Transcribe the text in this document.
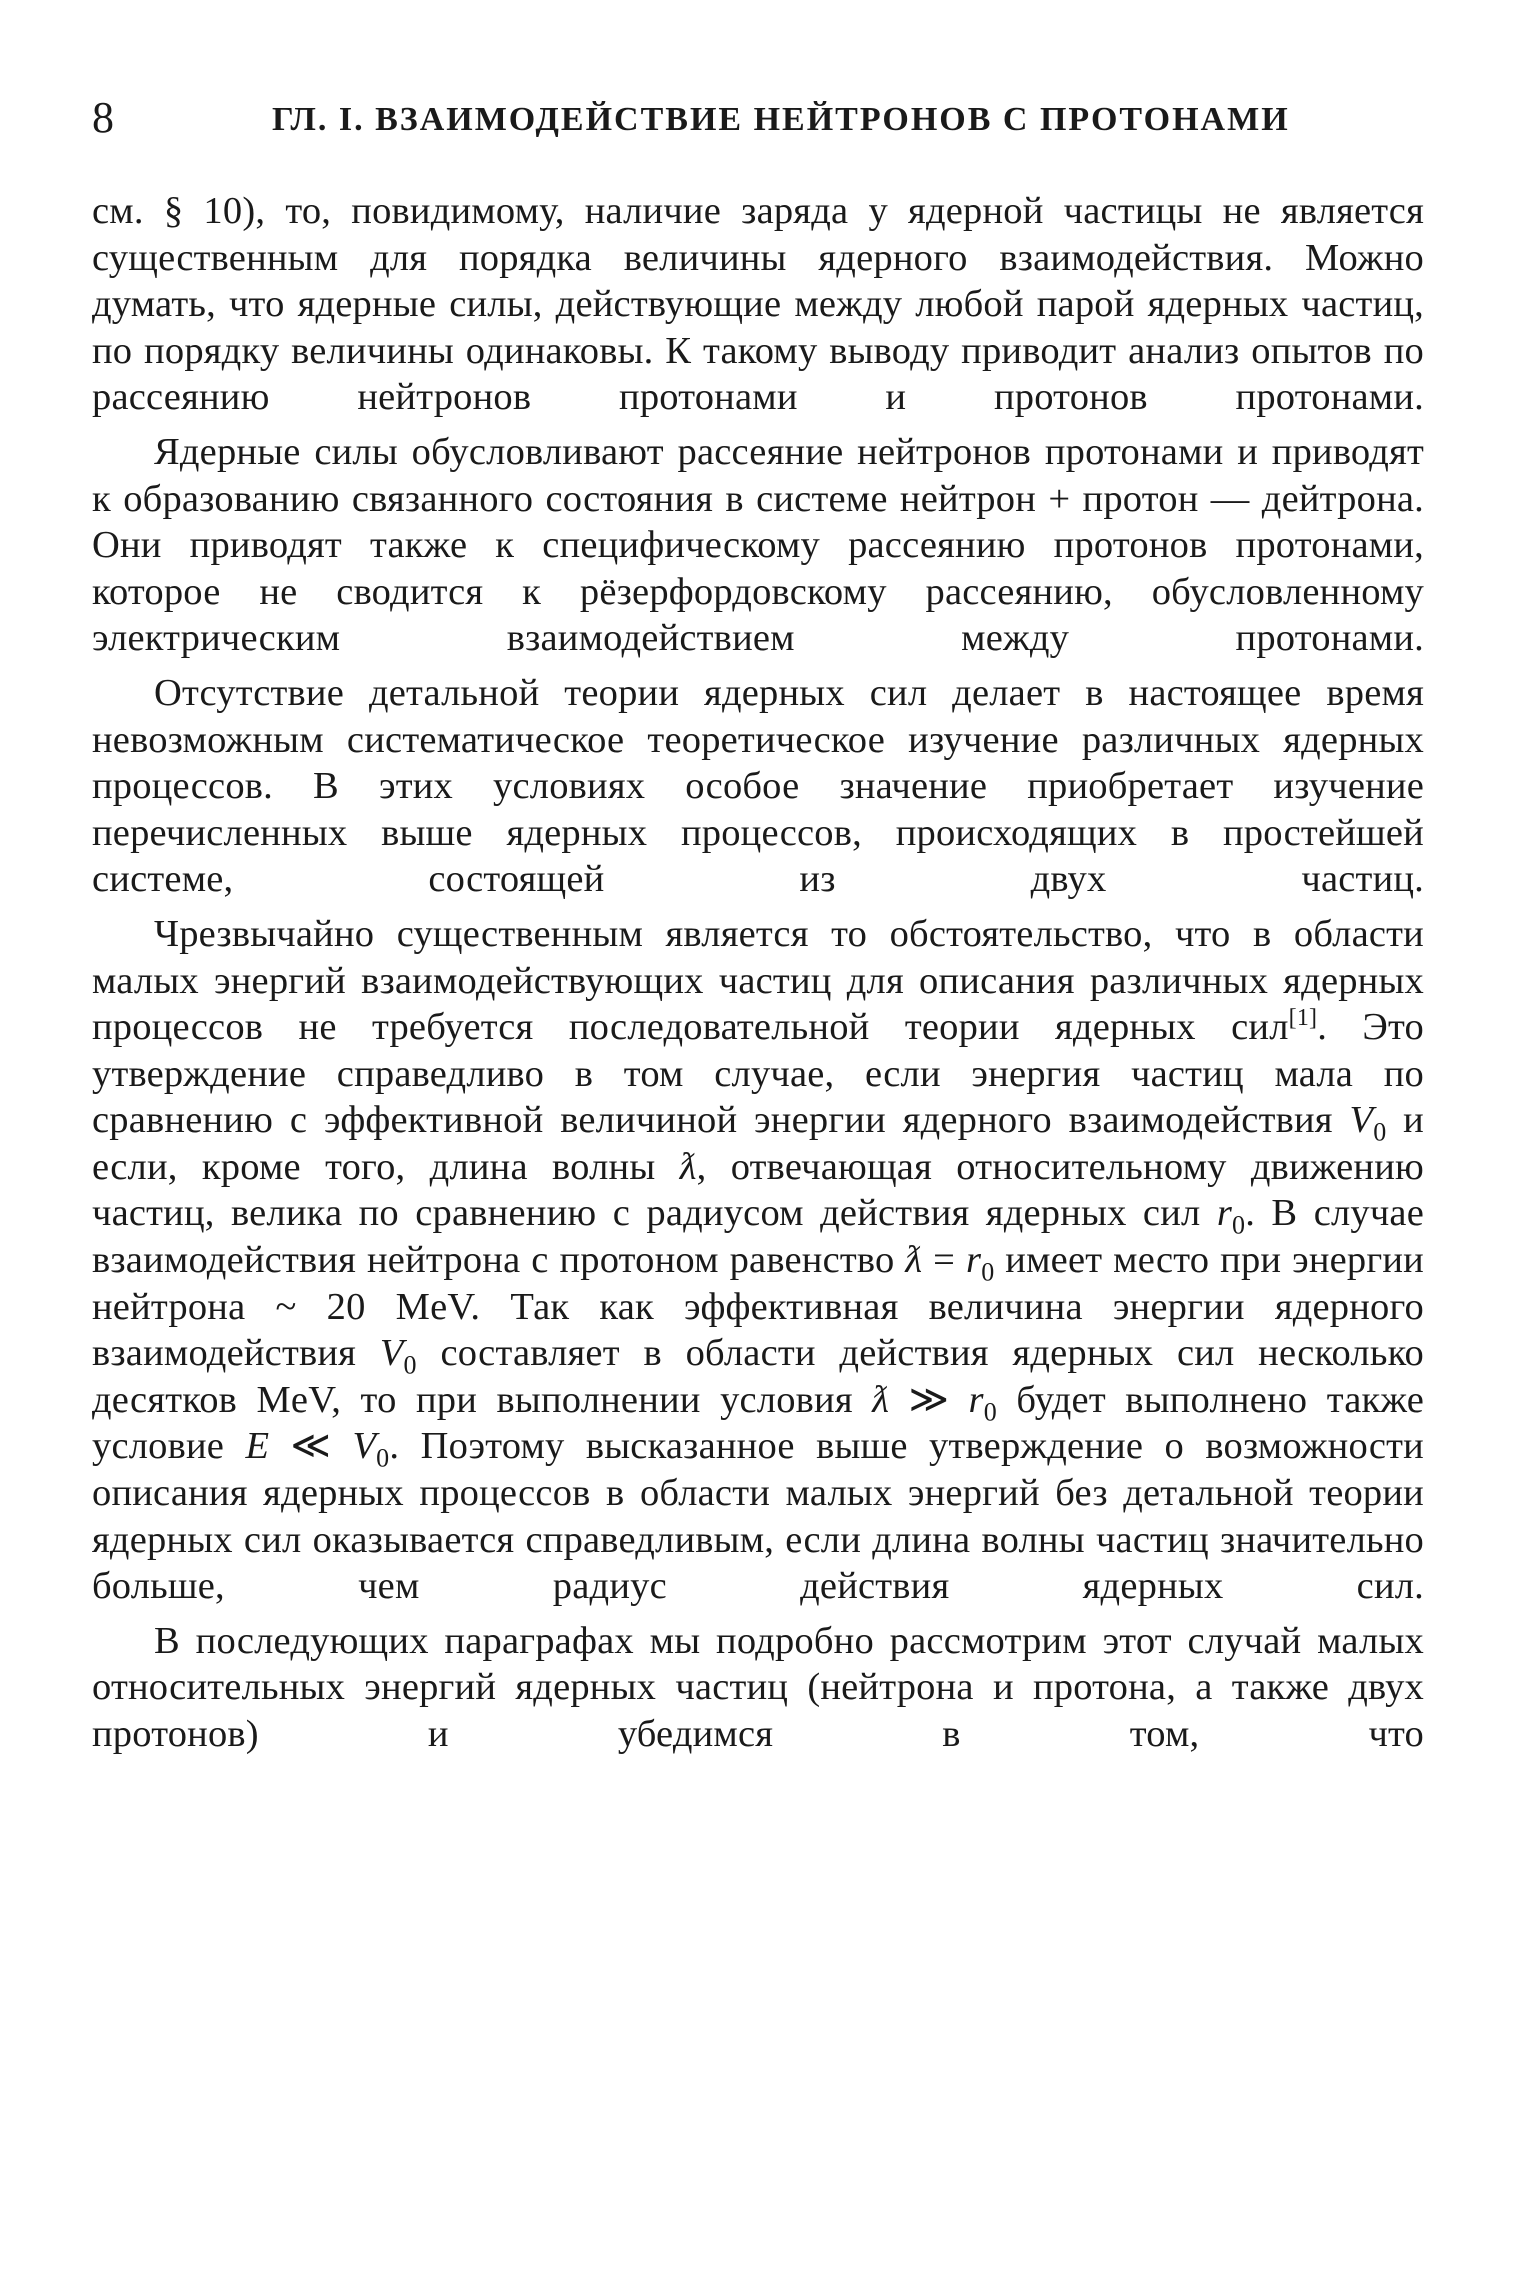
8	ГЛ. I. ВЗАИМОДЕЙСТВИЕ НЕЙТРОНОВ С ПРОТОНАМИ

см. § 10), то, повидимому, наличие заряда у ядерной частицы не является существенным для порядка величины ядерного взаимодействия. Можно думать, что ядерные силы, действующие между любой парой ядерных частиц, по порядку величины одинаковы. К такому выводу приводит анализ опытов по рассеянию нейтронов протонами и протонов протонами.

Ядерные силы обусловливают рассеяние нейтронов протонами и приводят к образованию связанного состояния в системе нейтрон + протон — дейтрона. Они приводят также к специфическому рассеянию протонов протонами, которое не сводится к рёзерфордовскому рассеянию, обусловленному электрическим взаимодействием между протонами.

Отсутствие детальной теории ядерных сил делает в настоящее время невозможным систематическое теоретическое изучение различных ядерных процессов. В этих условиях особое значение приобретает изучение перечисленных выше ядерных процессов, происходящих в простейшей системе, состоящей из двух частиц.

Чрезвычайно существенным является то обстоятельство, что в области малых энергий взаимодействующих частиц для описания различных ядерных процессов не требуется последовательной теории ядерных сил[1]. Это утверждение справедливо в том случае, если энергия частиц мала по сравнению с эффективной величиной энергии ядерного взаимодействия $V_0$ и если, кроме того, длина волны ƛ, отвечающая относительному движению частиц, велика по сравнению с радиусом действия ядерных сил $r_0$. В случае взаимодействия нейтрона с протоном равенство ƛ = $r_0$ имеет место при энергии нейтрона ~ 20 MeV. Так как эффективная величина энергии ядерного взаимодействия $V_0$ составляет в области действия ядерных сил несколько десятков MeV, то при выполнении условия ƛ ≫ $r_0$ будет выполнено также условие E ≪ $V_0$. Поэтому высказанное выше утверждение о возможности описания ядерных процессов в области малых энергий без детальной теории ядерных сил оказывается справедливым, если длина волны частиц значительно больше, чем радиус действия ядерных сил.

В последующих параграфах мы подробно рассмотрим этот случай малых относительных энергий ядерных частиц (нейтрона и протона, а также двух протонов) и убедимся в том, что
